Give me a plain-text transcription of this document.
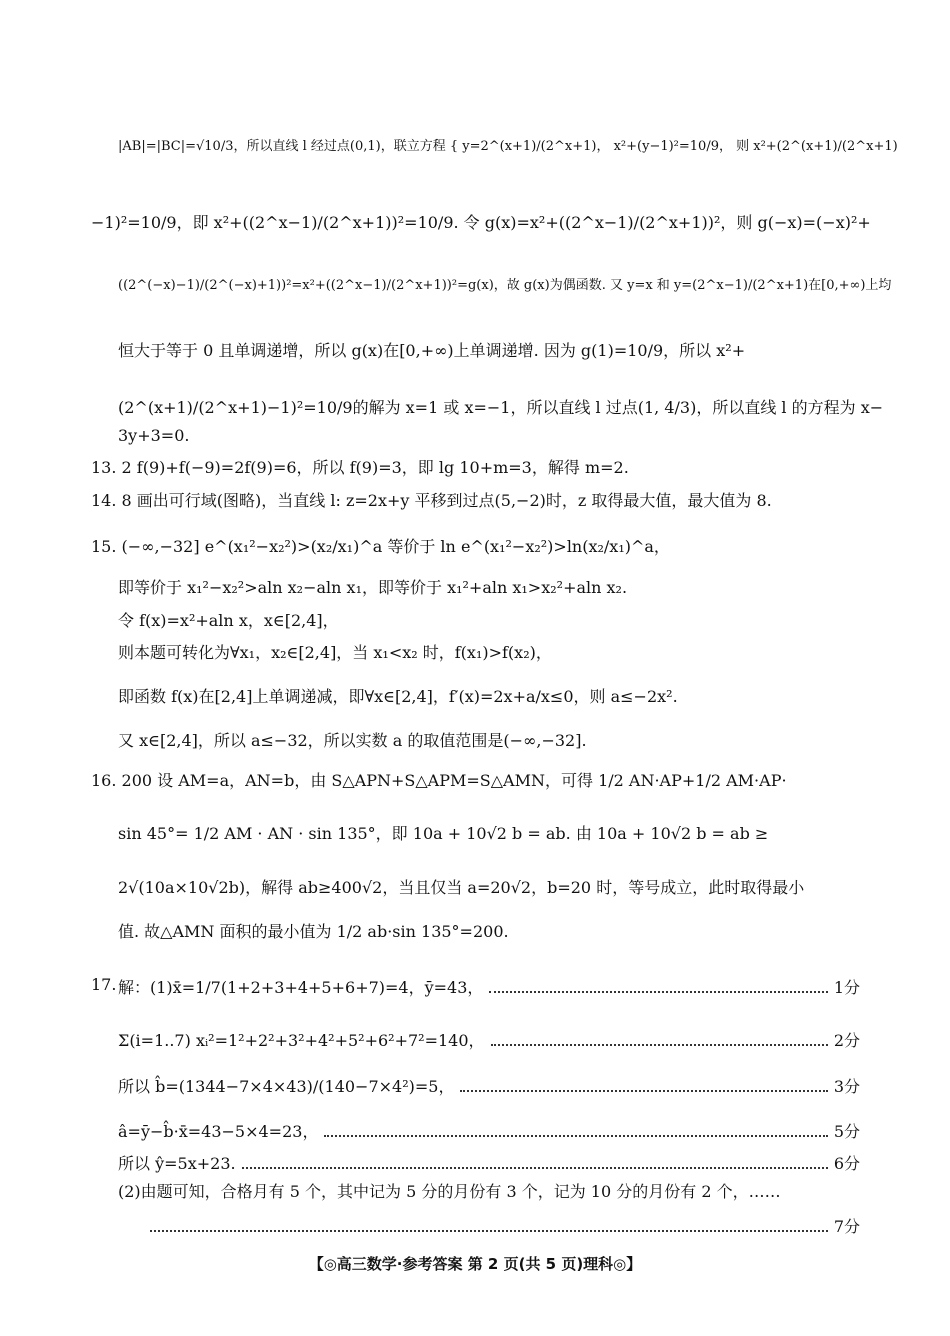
|AB|=|BC|=√10/3，所以直线 l 经过点(0,1)，联立方程 { y=2^(x+1)/(2^x+1)， x²+(y−1)²=10/9， 则 x²+(2^(x+1)/(2^x+1)
−1)²=10/9，即 x²+((2^x−1)/(2^x+1))²=10/9. 令 g(x)=x²+((2^x−1)/(2^x+1))²，则 g(−x)=(−x)²+
((2^(−x)−1)/(2^(−x)+1))²=x²+((2^x−1)/(2^x+1))²=g(x)，故 g(x)为偶函数. 又 y=x 和 y=(2^x−1)/(2^x+1)在[0,+∞)上均
恒大于等于 0 且单调递增，所以 g(x)在[0,+∞)上单调递增. 因为 g(1)=10/9，所以 x²+
(2^(x+1)/(2^x+1)−1)²=10/9的解为 x=1 或 x=−1，所以直线 l 过点(1, 4/3)，所以直线 l 的方程为 x−
3y+3=0.
13. 2 f(9)+f(−9)=2f(9)=6，所以 f(9)=3，即 lg 10+m=3，解得 m=2.
14. 8 画出可行域(图略)，当直线 l: z=2x+y 平移到过点(5,−2)时，z 取得最大值，最大值为 8.
15. (−∞,−32] e^(x₁²−x₂²)>(x₂/x₁)^a 等价于 ln e^(x₁²−x₂²)>ln(x₂/x₁)^a，
即等价于 x₁²−x₂²>aln x₂−aln x₁，即等价于 x₁²+aln x₁>x₂²+aln x₂.
令 f(x)=x²+aln x，x∈[2,4]，
则本题可转化为∀x₁，x₂∈[2,4]，当 x₁<x₂ 时，f(x₁)>f(x₂)，
即函数 f(x)在[2,4]上单调递减，即∀x∈[2,4]，f′(x)=2x+a/x≤0，则 a≤−2x².
又 x∈[2,4]，所以 a≤−32，所以实数 a 的取值范围是(−∞,−32].
16. 200 设 AM=a，AN=b，由 S△APN+S△APM=S△AMN，可得 1/2 AN·AP+1/2 AM·AP·
sin 45°= 1/2 AM · AN · sin 135°，即 10a + 10√2 b = ab. 由 10a + 10√2 b = ab ≥
2√(10a×10√2b)，解得 ab≥400√2，当且仅当 a=20√2，b=20 时，等号成立，此时取得最小
值. 故△AMN 面积的最小值为 1/2 ab·sin 135°=200.
17. 解：(1)x̄=1/7(1+2+3+4+5+6+7)=4，ȳ=43，	1分
Σ(i=1..7) xᵢ²=1²+2²+3²+4²+5²+6²+7²=140，	2分
所以 b̂=(1344−7×4×43)/(140−7×4²)=5，	3分
â=ȳ−b̂·x̄=43−5×4=23，	5分
所以 ŷ=5x+23.	6分
(2)由题可知，合格月有 5 个，其中记为 5 分的月份有 3 个，记为 10 分的月份有 2 个，……
7分
【◎高三数学·参考答案 第 2 页(共 5 页)理科◎】
